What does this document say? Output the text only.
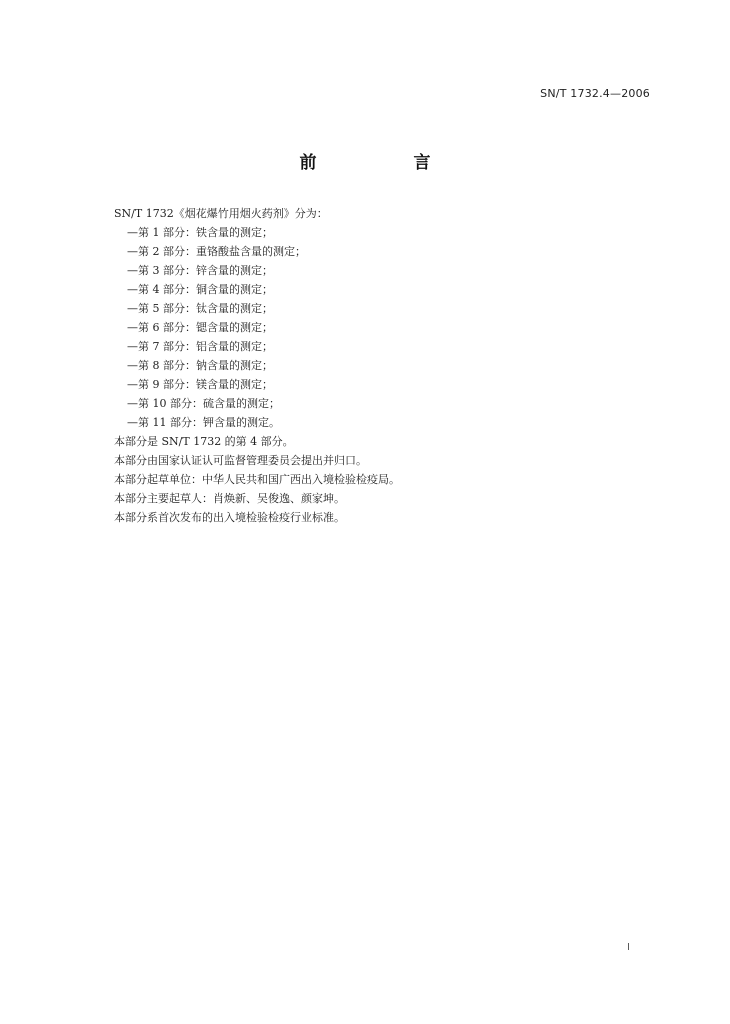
SN/T 1732.4—2006
前　言
SN/T 1732《烟花爆竹用烟火药剂》分为：
—第 1 部分：铁含量的测定；
—第 2 部分：重铬酸盐含量的测定；
—第 3 部分：锌含量的测定；
—第 4 部分：铜含量的测定；
—第 5 部分：钛含量的测定；
—第 6 部分：锶含量的测定；
—第 7 部分：铝含量的测定；
—第 8 部分：钠含量的测定；
—第 9 部分：镁含量的测定；
—第 10 部分：硫含量的测定；
—第 11 部分：钾含量的测定。
本部分是 SN/T 1732 的第 4 部分。
本部分由国家认证认可监督管理委员会提出并归口。
本部分起草单位：中华人民共和国广西出入境检验检疫局。
本部分主要起草人：肖焕新、吴俊逸、颜家坤。
本部分系首次发布的出入境检验检疫行业标准。
I
